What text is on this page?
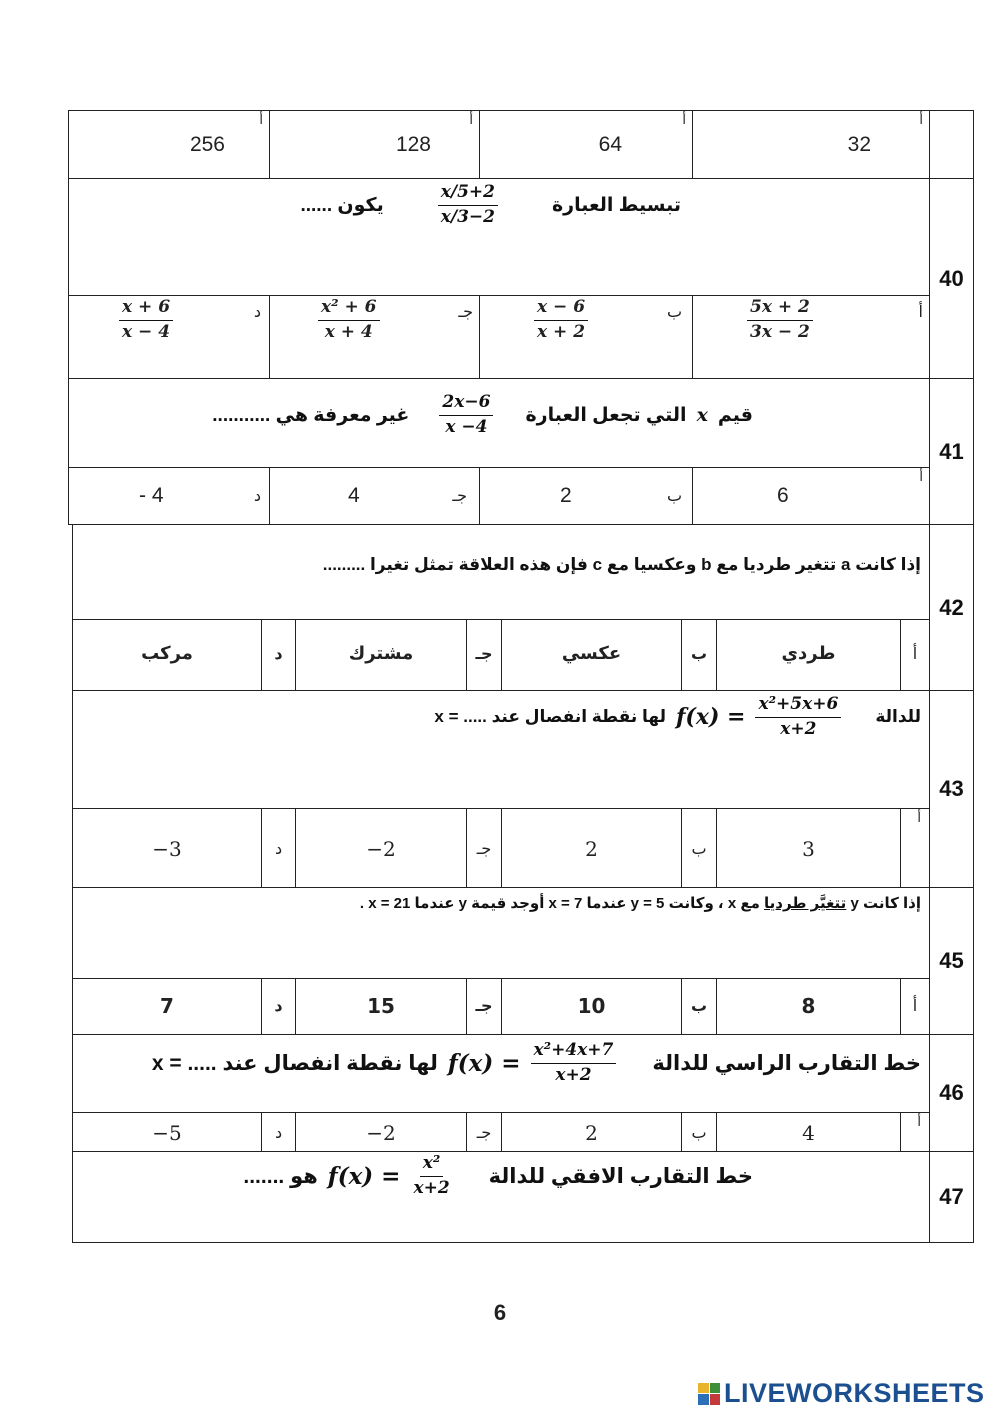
أ
32
أ
64
أ
128
أ
256
40
تبسيط العبارة
$\frac{5+2/x}{3-2/x}$
يكون ......
أ
$\frac{5x + 2}{3x - 2}$
ب
$\frac{x - 6}{x + 2}$
جـ
$\frac{\text{x² + 6}}{x + 4}$
د
$\frac{x + 6}{x - 4}$
41
قيم
x
التي تجعل العبارة
$\frac{2x-6}{x -4}$
غير معرفة هي ...........
أ
6
ب
2
جـ
4
د
- 4
42
إذا كانت a تتغير طرديا مع b وعكسيا مع c فإن هذه العلاقة تمثل تغيرا .........
أ
طردي
ب
عكسي
جـ
مشترك
د
مركب
43
للدالة
$\frac{\text{x²+5x+6}}{x+2}$
f(x) =
لها نقطة انفصال عند ..... = x
أ
3
ب
2
جـ
−2
د
−3
45
إذا كانت y تتغيَّر طرديا مع x ، وكانت y = 5 عندما x = 7 أوجد قيمة y عندما x = 21 .
أ
8
ب
10
جـ
15
د
7
46
خط التقارب الراسي للدالة
$\frac{\text{x²+4x+7}}{x+2}$
f(x) =
لها نقطة انفصال عند ..... = x
أ
4
ب
2
جـ
−2
د
−5
47
خط التقارب الافقي للدالة
$\frac{\text{x²}}{x+2}$
f(x) =
هو .......
6
LIVEWORKSHEETS
